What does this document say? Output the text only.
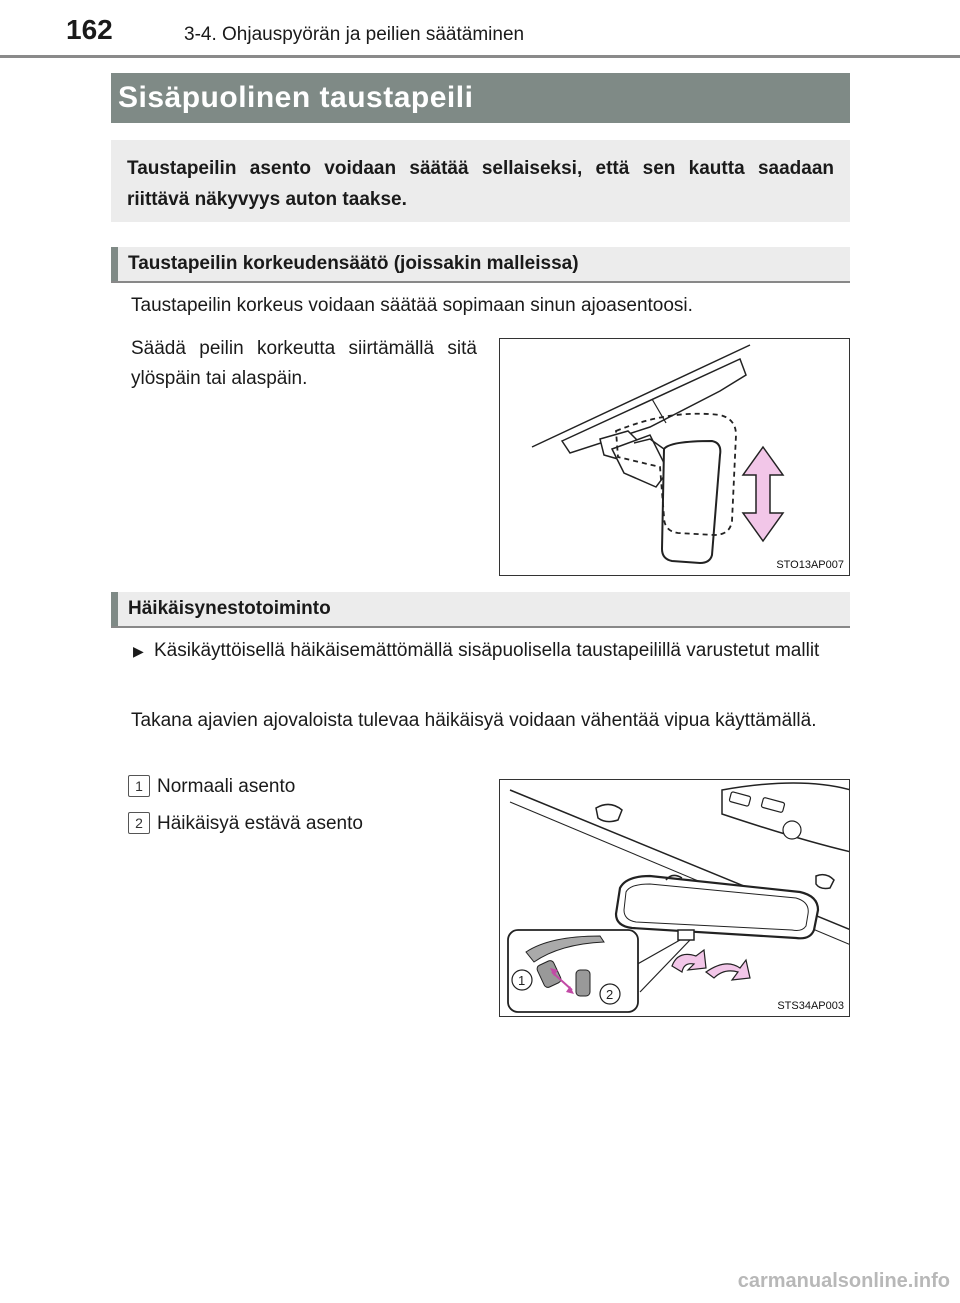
162	3-4. Ohjauspyörän ja peilien säätäminen
Sisäpuolinen taustapeili
Taustapeilin asento voidaan säätää sellaiseksi, että sen kautta saadaan riittävä näkyvyys auton taakse.
Taustapeilin korkeudensäätö (joissakin malleissa)
Taustapeilin korkeus voidaan säätää sopimaan sinun ajoasentoosi.
Säädä peilin korkeutta siirtämällä sitä ylöspäin tai alaspäin.
STO13AP007
Häikäisynestotoiminto
▶ Käsikäyttöisellä häikäisemättömällä sisäpuolisella taustapeilillä varustetut mallit
Takana ajavien ajovaloista tulevaa häikäisyä voidaan vähentää vipua käyttämällä.
1 Normaali asento
2 Häikäisyä estävä asento
1
2
STS34AP003
carmanualsonline.info
